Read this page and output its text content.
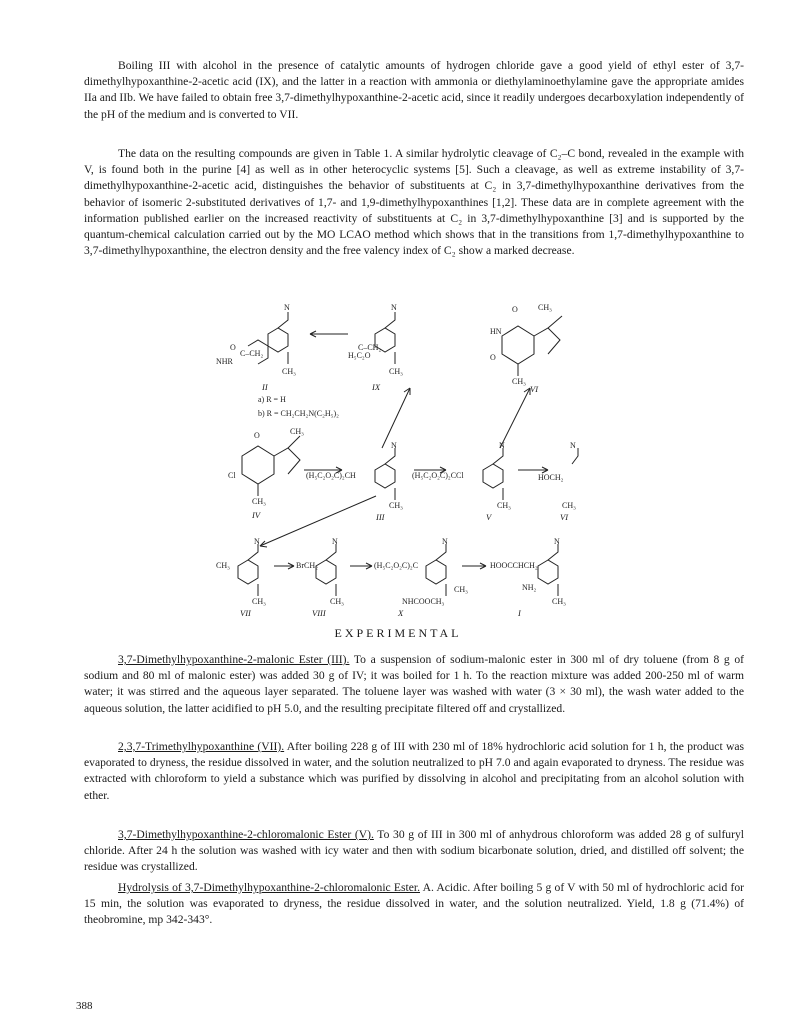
Boiling III with alcohol in the presence of catalytic amounts of hydrogen chloride gave a good yield of ethyl ester of 3,7-dimethylhypoxanthine-2-acetic acid (IX), and the latter in a reaction with ammonia or diethylaminoethylamine gave the appropriate amides IIa and IIb. We have failed to obtain free 3,7-dimethylhypoxanthine-2-acetic acid, since it readily undergoes decarboxylation independently of the pH of the medium and is converted to VII.

The data on the resulting compounds are given in Table 1. A similar hydrolytic cleavage of C₂–C bond, revealed in the example with V, is found both in the purine [4] as well as in other heterocyclic systems [5]. Such a cleavage, as well as extreme instability of 3,7-dimethylhypoxanthine-2-acetic acid, distinguishes the behavior of substituents at C₂ in 3,7-dimethylhypoxanthine derivatives from the behavior of isomeric 2-substituted derivatives of 1,7- and 1,9-dimethylhypoxanthines [1,2]. These data are in complete agreement with the information published earlier on the increased reactivity of substituents at C₂ in 3,7-dimethylhypoxanthine [3] and is supported by the quantum-chemical calculation carried out by the MO LCAO method which shows that in the transitions from 1,7-dimethylhypoxanthine to 3,7-dimethylhypoxanthine, the electron density and the free valency index of C₂ show a marked decrease.

N
O
C–CH₂
NHR
CH₃
II
N
H₅C₂O
C–CH₂
CH₃
IX
O
HN
CH₃
O
CH₃
VI
a) R = H
b) R = CH₂CH₂N(C₂H₅)₂
O	CH₃
Cl
CH₃
IV
N
(H₅C₂O₂C)₂CH
CH₃
III
N
(H₅C₂O₂C)₂CCl
CH₃
V
N
HOCH₂
CH₃
VI
N
CH₃
CH₃
VII
N
BrCH₂
CH₃
VIII
N
(H₅C₂O₂C)₂C
CH₃
NHCOOCH₃
X
N
HOOCCHCH₂
NH₂
CH₃
I

EXPERIMENTAL

3,7-Dimethylhypoxanthine-2-malonic Ester (III). To a suspension of sodium-malonic ester in 300 ml of dry toluene (from 8 g of sodium and 80 ml of malonic ester) was added 30 g of IV; it was boiled for 1 h. To the reaction mixture was added 200-250 ml of warm water; it was stirred and the aqueous layer separated. The toluene layer was washed with water (3 × 30 ml), the wash water added to the aqueous solution, the latter acidified to pH 5.0, and the resulting precipitate filtered off and crystallized.

2,3,7-Trimethylhypoxanthine (VII). After boiling 228 g of III with 230 ml of 18% hydrochloric acid solution for 1 h, the product was evaporated to dryness, the residue dissolved in water, and the solution neutralized to pH 7.0 and again evaporated to dryness. The residue was extracted with chloroform to yield a substance which was purified by dissolving in alcohol and precipitating from an alcohol solution with ether.

3,7-Dimethylhypoxanthine-2-chloromalonic Ester (V). To 30 g of III in 300 ml of anhydrous chloroform was added 28 g of sulfuryl chloride. After 24 h the solution was washed with icy water and then with sodium bicarbonate solution, dried, and distilled off solvent; the residue was crystallized.

Hydrolysis of 3,7-Dimethylhypoxanthine-2-chloromalonic Ester. A. Acidic. After boiling 5 g of V with 50 ml of hydrochloric acid for 15 min, the solution was evaporated to dryness, the residue dissolved in water, and the solution neutralized. Yield, 1.8 g (71.4%) of theobromine, mp 342-343°.

388
